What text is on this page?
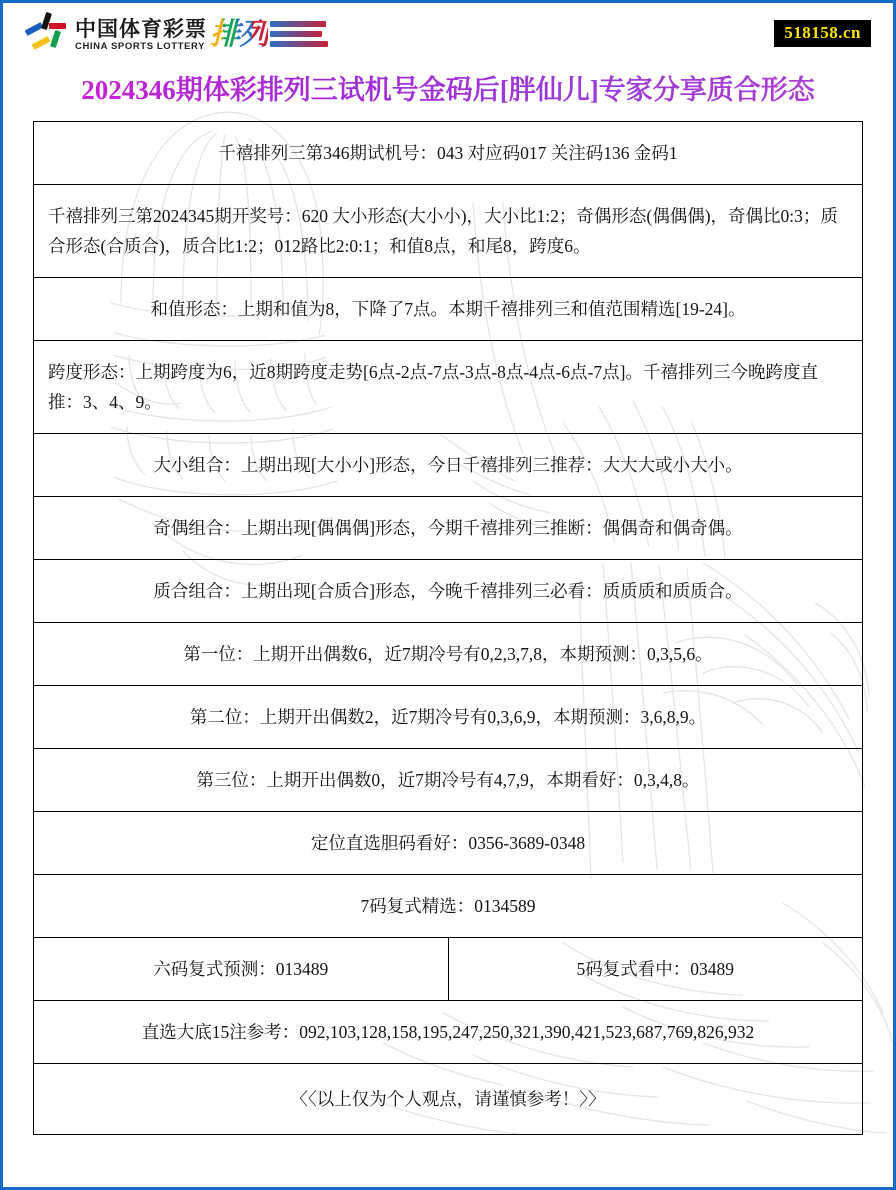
中国体育彩票
CHINA SPORTS LOTTERY 排列	518158.cn
2024346期体彩排列三试机号金码后[胖仙儿]专家分享质合形态
千禧排列三第346期试机号：043 对应码017 关注码136 金码1
千禧排列三第2024345期开奖号：620 大小形态(大小小)，大小比1:2；奇偶形态(偶偶偶)，奇偶比0:3；质合形态(合质合)，质合比1:2；012路比2:0:1；和值8点，和尾8，跨度6。
和值形态：上期和值为8，下降了7点。本期千禧排列三和值范围精选[19-24]。
跨度形态：上期跨度为6，近8期跨度走势[6点-2点-7点-3点-8点-4点-6点-7点]。千禧排列三今晚跨度直推：3、4、9。
大小组合：上期出现[大小小]形态，今日千禧排列三推荐：大大大或小大小。
奇偶组合：上期出现[偶偶偶]形态，今期千禧排列三推断：偶偶奇和偶奇偶。
质合组合：上期出现[合质合]形态，今晚千禧排列三必看：质质质和质质合。
第一位：上期开出偶数6，近7期冷号有0,2,3,7,8，本期预测：0,3,5,6。
第二位：上期开出偶数2，近7期冷号有0,3,6,9，本期预测：3,6,8,9。
第三位：上期开出偶数0，近7期冷号有4,7,9，本期看好：0,3,4,8。
定位直选胆码看好：0356-3689-0348
7码复式精选：0134589
六码复式预测：013489	5码复式看中：03489
直选大底15注参考：092,103,128,158,195,247,250,321,390,421,523,687,769,826,932
〈〈以上仅为个人观点，请谨慎参考！〉〉
